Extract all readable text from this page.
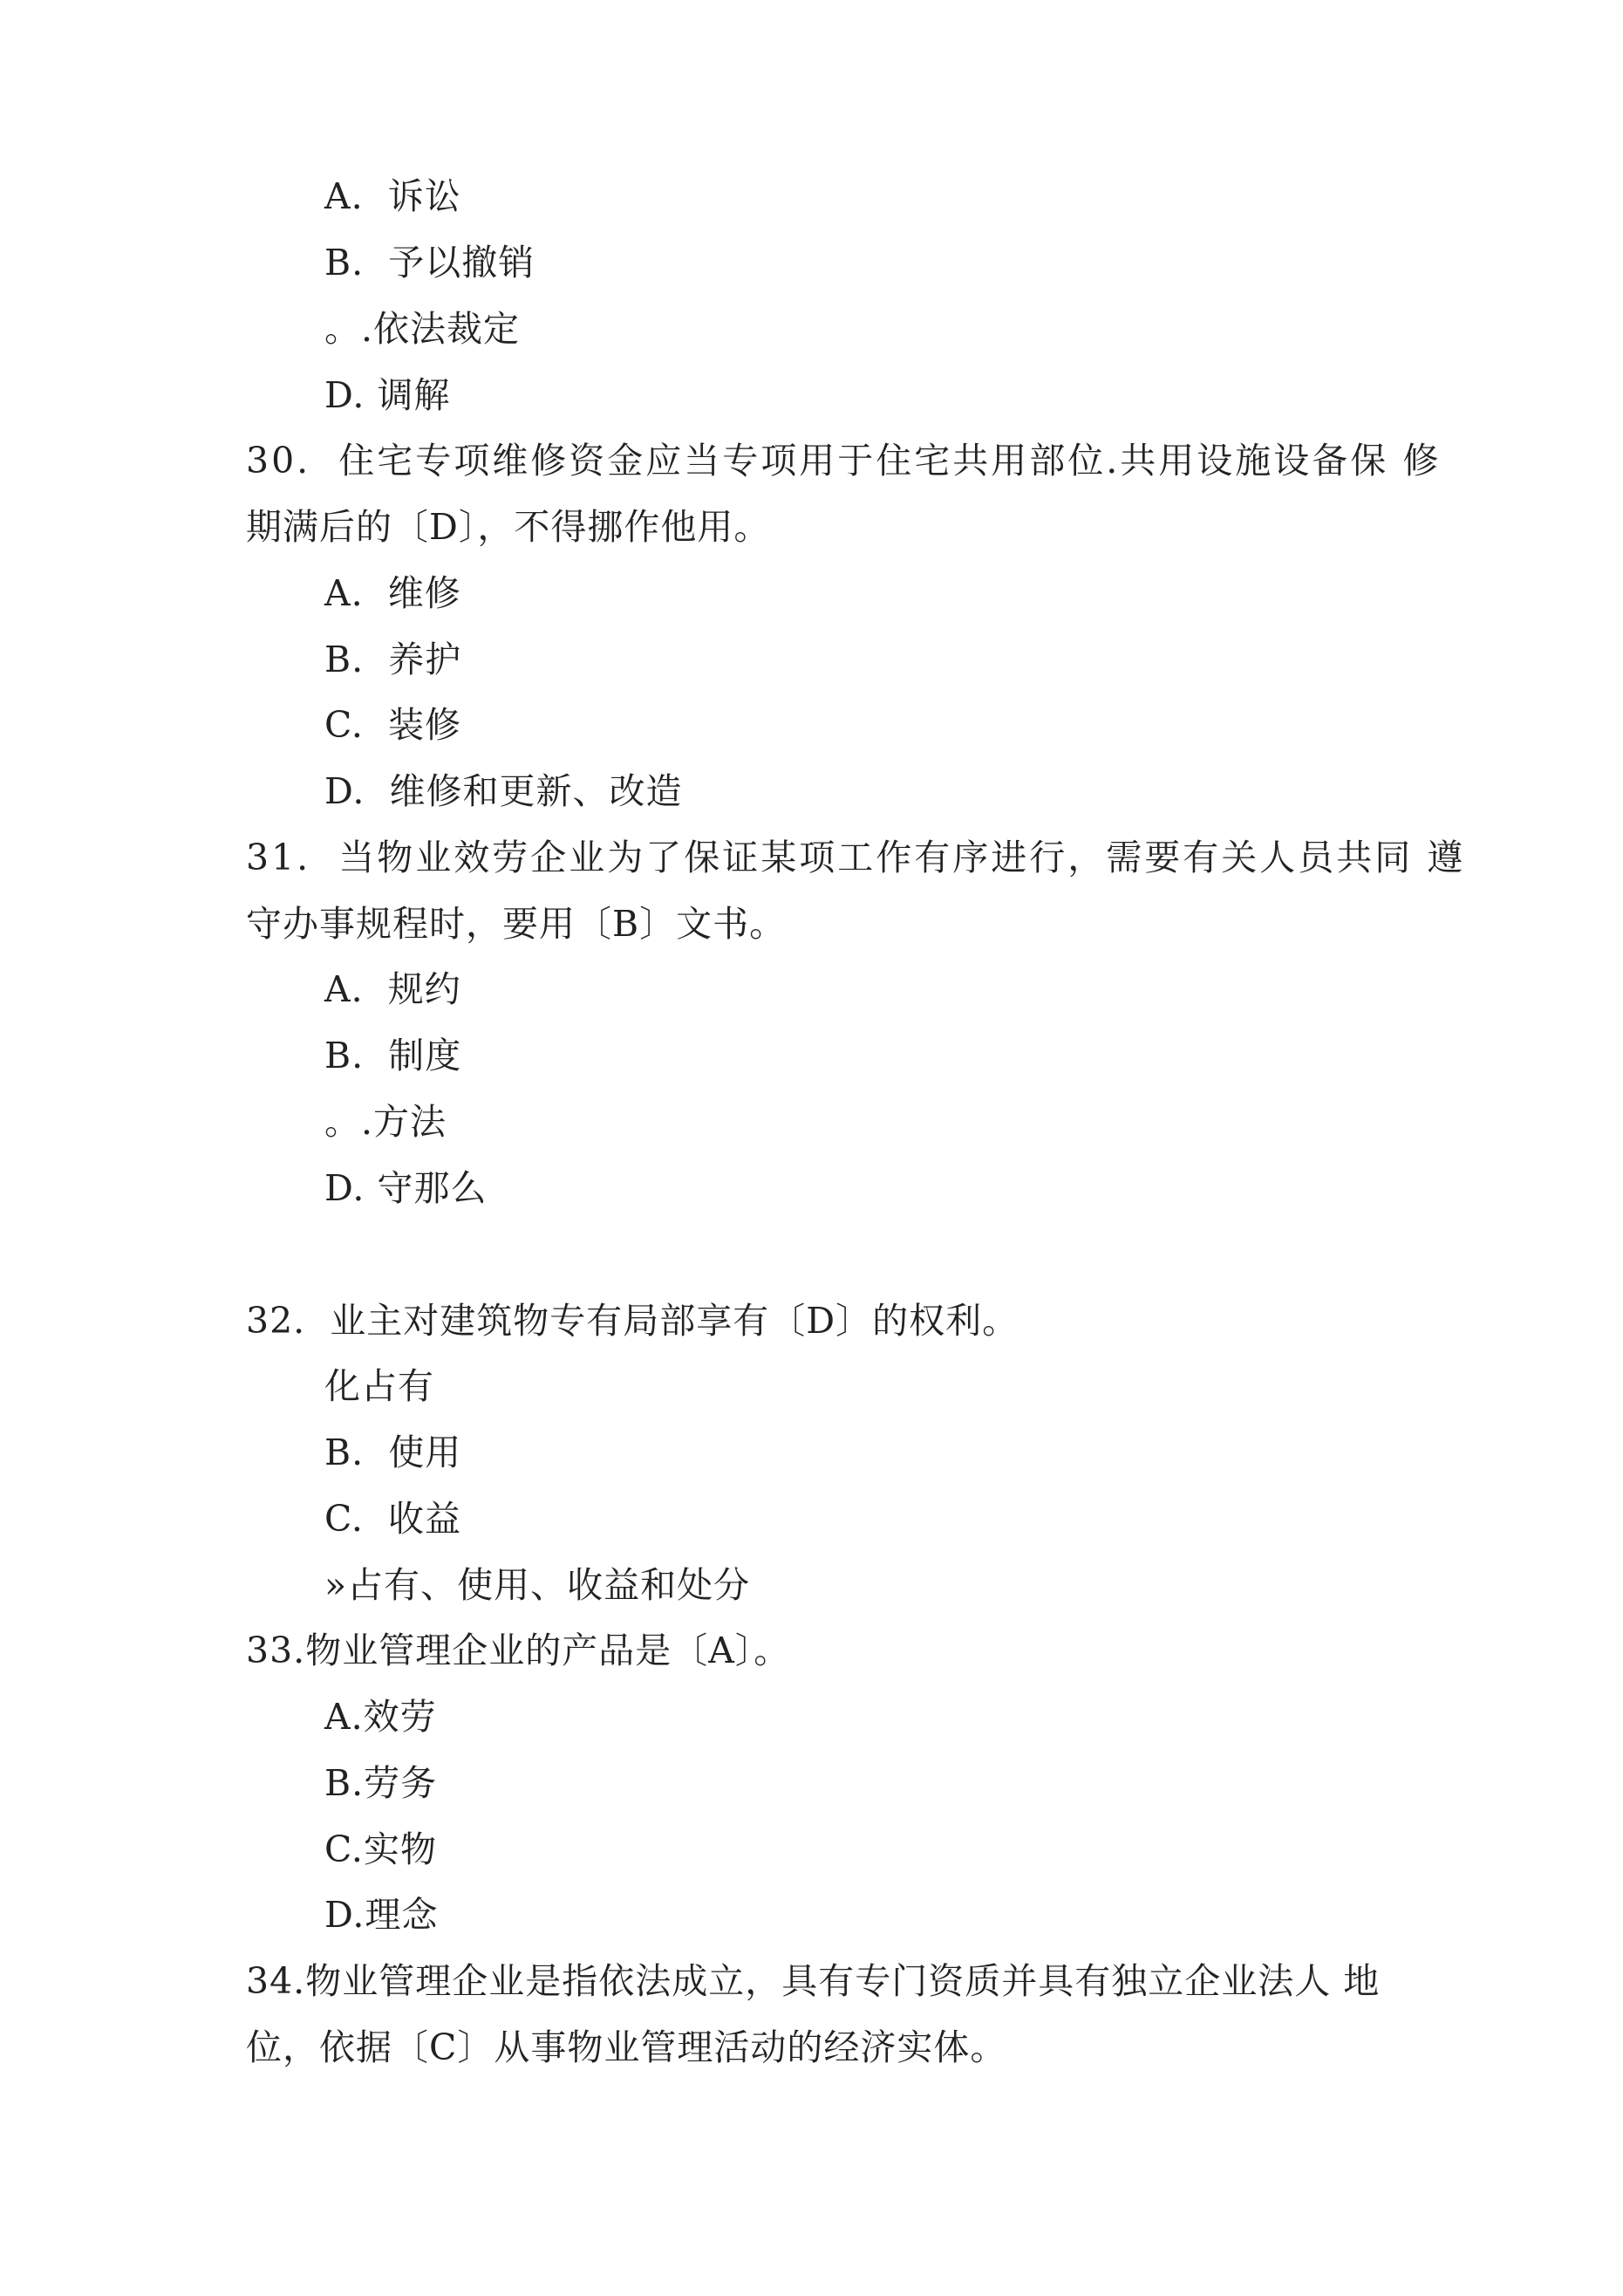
A.  诉讼
B.  予以撤销
。.依法裁定
D. 调解
30.  住宅专项维修资金应当专项用于住宅共用部位.共用设施设备保 修
期满后的〔D〕，不得挪作他用。
A.  维修
B.  养护
C.  装修
D.  维修和更新、改造
31.  当物业效劳企业为了保证某项工作有序进行，需要有关人员共同 遵
守办事规程时，要用〔B〕文书。
A.  规约
B.  制度
。.方法
D. 守那么
32.  业主对建筑物专有局部享有〔D〕的权利。
化占有
B.  使用
C.  收益
»占有、使用、收益和处分
33.物业管理企业的产品是〔A〕。
A.效劳
B.劳务
C.实物
D.理念
34.物业管理企业是指依法成立，具有专门资质并具有独立企业法人 地
位，依据〔C〕从事物业管理活动的经济实体。
